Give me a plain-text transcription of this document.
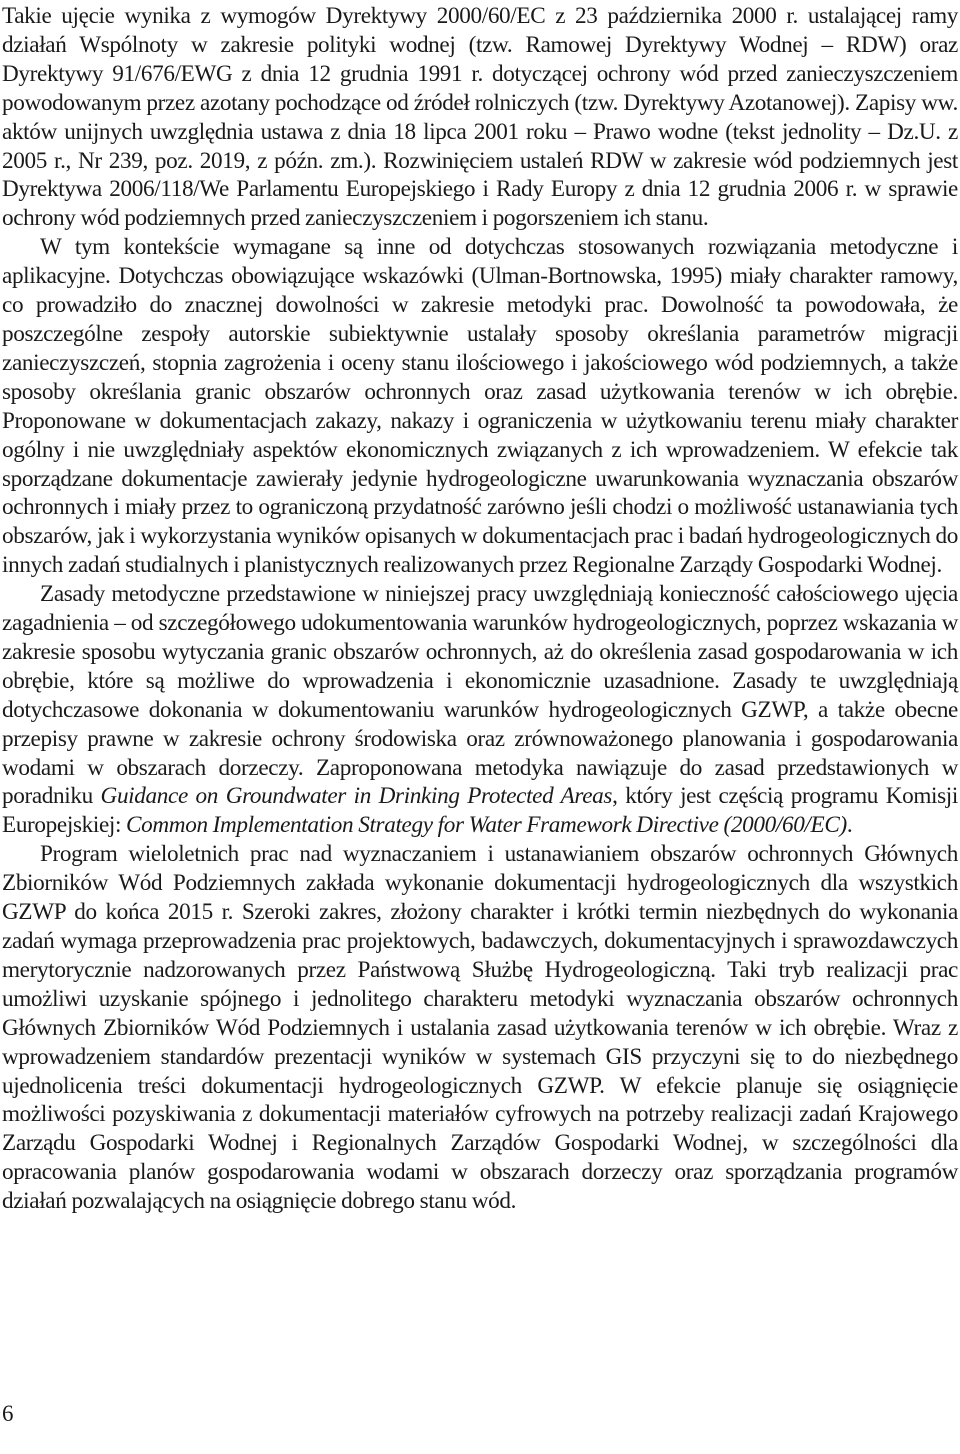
Takie ujęcie wynika z wymogów Dyrektywy 2000/60/EC z 23 października 2000 r. ustalającej ramy działań Wspólnoty w zakresie polityki wodnej (tzw. Ramowej Dyrektywy Wodnej – RDW) oraz Dyrektywy 91/676/EWG z dnia 12 grudnia 1991 r. dotyczącej ochrony wód przed zanieczyszczeniem powodowanym przez azotany pochodzące od źródeł rolniczych (tzw. Dyrektywy Azotanowej). Zapisy ww. aktów unijnych uwzględnia ustawa z dnia 18 lipca 2001 roku – Prawo wodne (tekst jednolity – Dz.U. z 2005 r., Nr 239, poz. 2019, z późn. zm.). Rozwinięciem ustaleń RDW w zakresie wód podziemnych jest Dyrektywa 2006/118/We Parlamentu Europejskiego i Rady Europy z dnia 12 grudnia 2006 r. w sprawie ochrony wód podziemnych przed zanieczyszczeniem i pogorszeniem ich stanu.

W tym kontekście wymagane są inne od dotychczas stosowanych rozwiązania metodyczne i aplikacyjne. Dotychczas obowiązujące wskazówki (Ulman-Bortnowska, 1995) miały charakter ramowy, co prowadziło do znacznej dowolności w zakresie metodyki prac. Dowolność ta powodowała, że poszczególne zespoły autorskie subiektywnie ustalały sposoby określania parametrów migracji zanieczyszczeń, stopnia zagrożenia i oceny stanu ilościowego i jakościowego wód podziemnych, a także sposoby określania granic obszarów ochronnych oraz zasad użytkowania terenów w ich obrębie. Proponowane w dokumentacjach zakazy, nakazy i ograniczenia w użytkowaniu terenu miały charakter ogólny i nie uwzględniały aspektów ekonomicznych związanych z ich wprowadzeniem. W efekcie tak sporządzane dokumentacje zawierały jedynie hydrogeologiczne uwarunkowania wyznaczania obszarów ochronnych i miały przez to ograniczoną przydatność zarówno jeśli chodzi o możliwość ustanawiania tych obszarów, jak i wykorzystania wyników opisanych w dokumentacjach prac i badań hydrogeologicznych do innych zadań studialnych i planistycznych realizowanych przez Regionalne Zarządy Gospodarki Wodnej.

Zasady metodyczne przedstawione w niniejszej pracy uwzględniają konieczność całościowego ujęcia zagadnienia – od szczegółowego udokumentowania warunków hydrogeologicznych, poprzez wskazania w zakresie sposobu wytyczania granic obszarów ochronnych, aż do określenia zasad gospodarowania w ich obrębie, które są możliwe do wprowadzenia i ekonomicznie uzasadnione. Zasady te uwzględniają dotychczasowe dokonania w dokumentowaniu warunków hydrogeologicznych GZWP, a także obecne przepisy prawne w zakresie ochrony środowiska oraz zrównoważonego planowania i gospodarowania wodami w obszarach dorzeczy. Zaproponowana metodyka nawiązuje do zasad przedstawionych w poradniku Guidance on Groundwater in Drinking Protected Areas, który jest częścią programu Komisji Europejskiej: Common Implementation Strategy for Water Framework Directive (2000/60/EC).

Program wieloletnich prac nad wyznaczaniem i ustanawianiem obszarów ochronnych Głównych Zbiorników Wód Podziemnych zakłada wykonanie dokumentacji hydrogeologicznych dla wszystkich GZWP do końca 2015 r. Szeroki zakres, złożony charakter i krótki termin niezbędnych do wykonania zadań wymaga przeprowadzenia prac projektowych, badawczych, dokumentacyjnych i sprawozdawczych merytorycznie nadzorowanych przez Państwową Służbę Hydrogeologiczną. Taki tryb realizacji prac umożliwi uzyskanie spójnego i jednolitego charakteru metodyki wyznaczania obszarów ochronnych Głównych Zbiorników Wód Podziemnych i ustalania zasad użytkowania terenów w ich obrębie. Wraz z wprowadzeniem standardów prezentacji wyników w systemach GIS przyczyni się to do niezbędnego ujednolicenia treści dokumentacji hydrogeologicznych GZWP. W efekcie planuje się osiągnięcie możliwości pozyskiwania z dokumentacji materiałów cyfrowych na potrzeby realizacji zadań Krajowego Zarządu Gospodarki Wodnej i Regionalnych Zarządów Gospodarki Wodnej, w szczególności dla opracowania planów gospodarowania wodami w obszarach dorzeczy oraz sporządzania programów działań pozwalających na osiągnięcie dobrego stanu wód.

6
